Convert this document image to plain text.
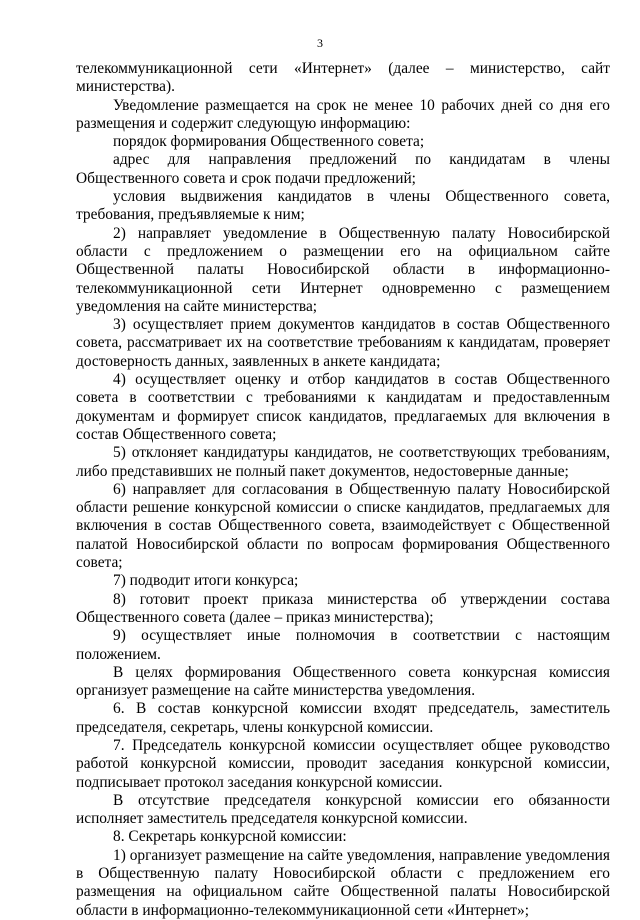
3

телекоммуникационной сети «Интернет» (далее – министерство, сайт министерства).

Уведомление размещается на срок не менее 10 рабочих дней со дня его размещения и содержит следующую информацию:

порядок формирования Общественного совета;

адрес для направления предложений по кандидатам в члены Общественного совета и срок подачи предложений;

условия выдвижения кандидатов в члены Общественного совета, требования, предъявляемые к ним;

2) направляет уведомление в Общественную палату Новосибирской области с предложением о размещении его на официальном сайте Общественной палаты Новосибирской области в информационно-телекоммуникационной сети Интернет одновременно с размещением уведомления на сайте министерства;

3) осуществляет прием документов кандидатов в состав Общественного совета, рассматривает их на соответствие требованиям к кандидатам, проверяет достоверность данных, заявленных в анкете кандидата;

4) осуществляет оценку и отбор кандидатов в состав Общественного совета в соответствии с требованиями к кандидатам и предоставленным документам и формирует список кандидатов, предлагаемых для включения в состав Общественного совета;

5) отклоняет кандидатуры кандидатов, не соответствующих требованиям, либо представивших не полный пакет документов, недостоверные данные;

6) направляет для согласования в Общественную палату Новосибирской области решение конкурсной комиссии о списке кандидатов, предлагаемых для включения в состав Общественного совета, взаимодействует с Общественной палатой Новосибирской области по вопросам формирования Общественного совета;

7) подводит итоги конкурса;

8) готовит проект приказа министерства об утверждении состава Общественного совета (далее – приказ министерства);

9) осуществляет иные полномочия в соответствии с настоящим положением.

В целях формирования Общественного совета конкурсная комиссия организует размещение на сайте министерства уведомления.

6. В состав конкурсной комиссии входят председатель, заместитель председателя, секретарь, члены конкурсной комиссии.

7. Председатель конкурсной комиссии осуществляет общее руководство работой конкурсной комиссии, проводит заседания конкурсной комиссии, подписывает протокол заседания конкурсной комиссии.

В отсутствие председателя конкурсной комиссии его обязанности исполняет заместитель председателя конкурсной комиссии.

8. Секретарь конкурсной комиссии:

1) организует размещение на сайте уведомления, направление уведомления в Общественную палату Новосибирской области с предложением его размещения на официальном сайте Общественной палаты Новосибирской области в информационно-телекоммуникационной сети «Интернет»;
